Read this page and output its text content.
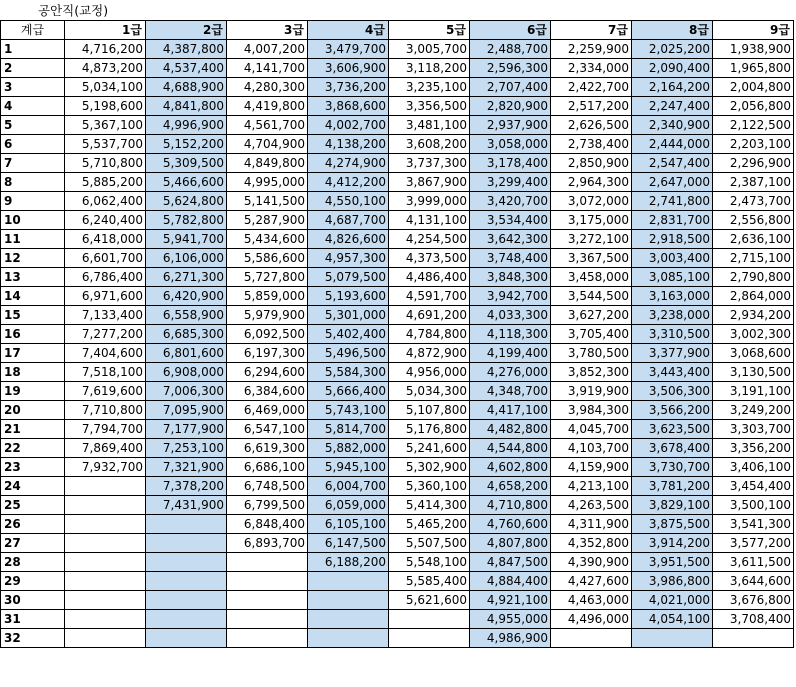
공안직(교정)
계급	1급	2급	3급	4급	5급	6급	7급	8급	9급
1	4,716,200	4,387,800	4,007,200	3,479,700	3,005,700	2,488,700	2,259,900	2,025,200	1,938,900
2	4,873,200	4,537,400	4,141,700	3,606,900	3,118,200	2,596,300	2,334,000	2,090,400	1,965,800
3	5,034,100	4,688,900	4,280,300	3,736,200	3,235,100	2,707,400	2,422,700	2,164,200	2,004,800
4	5,198,600	4,841,800	4,419,800	3,868,600	3,356,500	2,820,900	2,517,200	2,247,400	2,056,800
5	5,367,100	4,996,900	4,561,700	4,002,700	3,481,100	2,937,900	2,626,500	2,340,900	2,122,500
6	5,537,700	5,152,200	4,704,900	4,138,200	3,608,200	3,058,000	2,738,400	2,444,000	2,203,100
7	5,710,800	5,309,500	4,849,800	4,274,900	3,737,300	3,178,400	2,850,900	2,547,400	2,296,900
8	5,885,200	5,466,600	4,995,000	4,412,200	3,867,900	3,299,400	2,964,300	2,647,000	2,387,100
9	6,062,400	5,624,800	5,141,500	4,550,100	3,999,000	3,420,700	3,072,000	2,741,800	2,473,700
10	6,240,400	5,782,800	5,287,900	4,687,700	4,131,100	3,534,400	3,175,000	2,831,700	2,556,800
11	6,418,000	5,941,700	5,434,600	4,826,600	4,254,500	3,642,300	3,272,100	2,918,500	2,636,100
12	6,601,700	6,106,000	5,586,600	4,957,300	4,373,500	3,748,400	3,367,500	3,003,400	2,715,100
13	6,786,400	6,271,300	5,727,800	5,079,500	4,486,400	3,848,300	3,458,000	3,085,100	2,790,800
14	6,971,600	6,420,900	5,859,000	5,193,600	4,591,700	3,942,700	3,544,500	3,163,000	2,864,000
15	7,133,400	6,558,900	5,979,900	5,301,000	4,691,200	4,033,300	3,627,200	3,238,000	2,934,200
16	7,277,200	6,685,300	6,092,500	5,402,400	4,784,800	4,118,300	3,705,400	3,310,500	3,002,300
17	7,404,600	6,801,600	6,197,300	5,496,500	4,872,900	4,199,400	3,780,500	3,377,900	3,068,600
18	7,518,100	6,908,000	6,294,600	5,584,300	4,956,000	4,276,000	3,852,300	3,443,400	3,130,500
19	7,619,600	7,006,300	6,384,600	5,666,400	5,034,300	4,348,700	3,919,900	3,506,300	3,191,100
20	7,710,800	7,095,900	6,469,000	5,743,100	5,107,800	4,417,100	3,984,300	3,566,200	3,249,200
21	7,794,700	7,177,900	6,547,100	5,814,700	5,176,800	4,482,800	4,045,700	3,623,500	3,303,700
22	7,869,400	7,253,100	6,619,300	5,882,000	5,241,600	4,544,800	4,103,700	3,678,400	3,356,200
23	7,932,700	7,321,900	6,686,100	5,945,100	5,302,900	4,602,800	4,159,900	3,730,700	3,406,100
24		7,378,200	6,748,500	6,004,700	5,360,100	4,658,200	4,213,100	3,781,200	3,454,400
25		7,431,900	6,799,500	6,059,000	5,414,300	4,710,800	4,263,500	3,829,100	3,500,100
26			6,848,400	6,105,100	5,465,200	4,760,600	4,311,900	3,875,500	3,541,300
27			6,893,700	6,147,500	5,507,500	4,807,800	4,352,800	3,914,200	3,577,200
28				6,188,200	5,548,100	4,847,500	4,390,900	3,951,500	3,611,500
29					5,585,400	4,884,400	4,427,600	3,986,800	3,644,600
30					5,621,600	4,921,100	4,463,000	4,021,000	3,676,800
31						4,955,000	4,496,000	4,054,100	3,708,400
32						4,986,900			
